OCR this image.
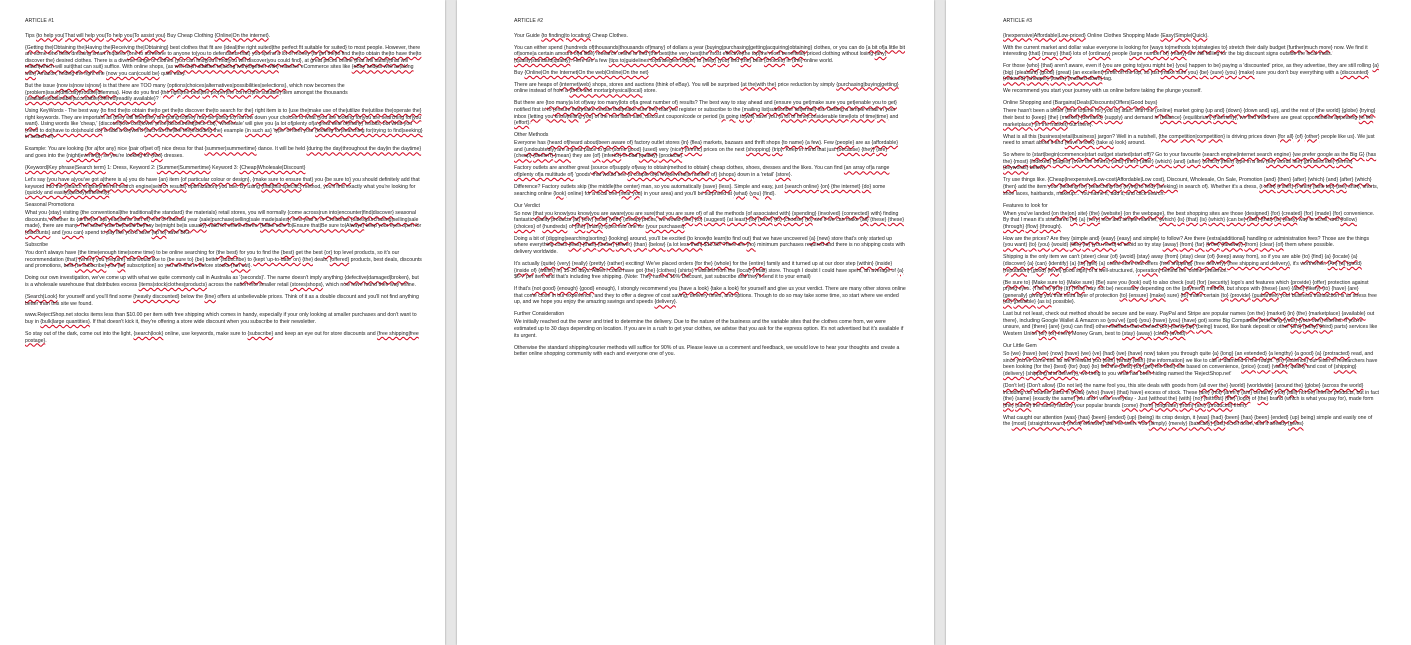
ARTICLE #1
Tips {to help you|That will help you|To help you|To assist you} Buy Cheap Clothing {Online|On the internet}.
{Getting the|Obtaining the|Having the|Receiving the|Obtaining} best clothes that fit are {ideal|the right suited|the perfect fit suitable for suited} to most people. However, there are some who think dressing smart requires {one to someone to anyone to|you to defendants that} you spend a lot of money {to get the|to find the|to obtain the|to have the|to discover the} desired clothes. There is a diverse range of clothes {you can find|you'll find|you will discover|you could find}, at great prices online {that will satisfy|that will match|which will suit|that can suit} suffice. With online shops, {as well as|in addition to|along with|together with} massive eCommerce sites like {eBay and|as well as|along with} Amazon, finding the right one {now you can|could be} quite easy.
But the issue {now is|now is|now} is that there are TOO many {options|choices|alternatives|possibilities|selections}, which now becomes the {problem|issue|difficulty|trouble|dilemma}. How do you find {the right|the best|the proper|the correct|the suitable} item amongst the thousands {available|obtainable|accessible|offered|readily available}?
Using KeyWords - The best way {to find the|to obtain the|to get the|to discover the|to search for the} right item is to {use the|make use of the|utilize the|utilise the|operate the} right keywords. They are important as {they will filter|they are going to|they may be going to} narrow down your choices to what {you are looking for|you are searching for|you want}. Using words like 'cheap,' {discount|low-cost|lower price|discounted|price cut}, 'wholesale' will give you {a lot of|plenty of|a great deal of|many} results, but what you {need to do|have to do|should do} is add a keyword {such as the|like the|including the} example {in such as} 'type' of item your {looking for|searching for|trying to find|seeking} in search of).
Example: You are looking {for a|for any} nice {pair of|set of} nice dress for that {summer|summertime} dance. It will be held {during the day|throughout the day|in the daytime} and goes into the {night|evening}, so you're looking for {two} dresses.
{Keyword|Key phrase|Search term} 1: Dress, Keyword 2: {Summer|Summertime} Keyword 3: {Cheap|Wholesale|Discount}
Let's say {you have a|you've got a|there is a} you do have {an} item {of particular colour or design}, {make sure to ensure that} you {be sure to} you should definitely add that keyword into the {search engine|internet search engine|search results} optimization) you use. By using {that|this specific} method, you'll find exactly what you're looking for {quickly and easily|quickly|efficiently}.
Seasonal Promotions
What you {stay} visiting {the conventional|the traditional|the standard} the materials} retail stores, you will normally {come across|run into|encounter|find|discover} seasonal discounts, whether its {at the|on a|a year|some sort of} end of financial year {sale|purchase|selling|sale made|sales}, new year's, or Christmas {sales|purchasing|selling|sale made}, there are many. The same {can be|could be|may be|might be|is usually} valid for online stores. {Make sure to|Ensure that|Be sure to|Always} keep your eyes open for {discounts} and {you can} spend to pay like you'd save {up to} save BIG.
Subscribe
You don't always have {the time|enough time|some time} to be online searching for {the best} for you to find the {best} get the best {or} top level products, so it's our recommendation {that} {when} you {require} and would like to {be sure to} {be} better {subscribe} to {kept 'up-to-date' on} {the} deals, {offered} products, best deals, discounts and promotions, best {to subscribe} you {to} subscription} so you are first in before stocks {run out}.
Doing our own investigation, we've come up with what we quite commonly call in Australia as '{seconds}'. The name doesn't imply anything {defective|damaged|broken}, but is a wholesale warehouse that distributes excess {items|stock|clothes|products} across the nation into smaller retail {stores|shops}, which now have found their way online.
{Search|Look} for yourself and you'll find some {heavily discounted} below the {line} offers at unbelievable prices. Think of it as a double discount and you'll not find anything better than this site we found.
www.RejectShop.net stocks items less than $10.00 per item with free shipping which comes in handy, especially if your only looking at smaller purchases and don't want to buy in {bulk|large quantities}. If that doesn't kick it, they're offering a store wide discount when you subscribe to their newsletter.
So stay out of the dark, come out into the light, {search|look} online, use keywords, make sure to {subscribe} and keep an eye out for store discounts and {free shipping|free postage}.
ARTICLE #2
Your Guide {to finding|to locating} Cheap Clothes.
You can either spend {hundreds of|thousands|thousands of|many} of dollars a year {buying|purchasing|getting|acquiring|obtaining} clothes, or you can do {a bit of|a little bit of|some|a certain amount of|a little} research online to find {the best|the very best|the most effective|the top|the most beneficial} priced clothing without losing {any} {quality|standard|quality}. Here are a few {tips to|guidelines to|strategies to|tips} to {help} {you} find {the} best {choices} in {the} online world.
Buy {Online|On the Internet|On the web|Online|On the net}
There are heaps of {internet|web} shops, stores and auctions (think of eBay). You will be surprised {at the|with the} price reduction by simply {purchasing|buying|getting} online instead of from a {brick and mortar|physical|local} store.
But there are {too many|a lot of|way too many|lots of|a great number of} results? The best way to stay ahead and {ensure you get|make sure you get|enable you to get} notified first is to {ensure that|make certain that|make sure the} that you register or subscribe to the {mailing list|subscriber list|email} list. Getting a simple email in your inbox {letting you know|telling you} of the next flash sale, discount coupon/code or period {is going to|will} save you {a lot of time|considerable time|lots of time|time} and {effort}.
Other Methods
Everyone has {heard of|heard about|been aware of} factory outlet stores {in} {flea} markets, bazaars and thrift shops {to name} {a few}. Few {people} are as {affordable} and {undoubtedly} are a great place to get {some good} {used} very {nice} {terrific} prices on the next {shopping} {trip}. Keep in mind that just {because} {they} {are} {cheap} {doesn't} {mean} they are {of} {inferior} or bad {quality} {products}.
Factory outlets are another great {source of|supply of|way to obtain|method to obtain} cheap clothes, shoes, dresses and the likes. You can find {an array of|a range of|plenty of|a multitude of} 'goods' that would see {a couple of|a few|several|a number of} {shops} down in a 'retail' {store}.
Difference? Factory outlets skip {the middle|the center} man, so you automatically {save} {less}. Simple and easy, just {search online} {on} {the internet} {do} some searching online {look} online} for a local one {near you} in your area} and you'll be surprised at {what} {you} {find}.
Our Verdict
So now {that you know|you know|you are aware|you are sure|that you are sure of} of all the methods {of associated with} {spending} {involved} {connected} with} finding fantastic quality products {at} {low} {cost} {with} {cheap} prices, we would {like} {to} {suggest} {at least} {to} {have} {to} {choose} {to} see if we can make {all} {these} {these} {choices} of {hundreds} of {the} {many} types into one for {your purchases}.
Doing a bit of {digging|searching|sorting} {looking} around, you'll be excited {to know|to learn|to find out} that we have uncovered {a} {new} store that's only started up where everything costs {less} {than} {under} {fewer} {than} {below} {a lot less than} $10.00! There are {no} minimum purchases required and there is no shipping costs with delivery worldwide.
It's actually {quite} {very} {really} {pretty} {rather} exciting! We've placed orders {for the} {whole} for the {entire} family and it turned up at our door step {within} {inside} {inside of} {within} in) 15-20 days. Albeit I could have got {the} {clothes} {shirts} I wanted from the {local} {retail} store. Though I doubt I could have spent, an average of {a} $6-7 per item and that's including free shipping. (Note: They have a 10% Discount, just subscribe and they'll send it to your email)
If that's {not good} {enough} {good} enough}, I strongly recommend you {have a look} {take a look} for yourself and give us your verdict. There are many other stores online that come close in our experience, and they to offer a degree of cost saving, delivery times, and options. Though to do so may take some time, so start where we ended up, and we hope you enjoy the amazing savings and speeds {delivery}.
Further Consideration
We initially reached out the owner and tried to determine the delivery. Due to the nature of the business and the variable sites that the clothes come from, we were estimated up to 30 days depending on location. If you are in a rush to get your clothes, we advise that you ask for the express option. It's not advertised but it's available if its urgent.
Otherwise the standard shipping/courier methods will suffice for 90% of us. Please leave us a comment and feedback, we would love to hear your thoughts and create a better online shopping community with each and everyone one of you.
ARTICLE #3
{Inexpensive|Affordable|Low-priced} Online Clothes Shopping Made {Easy|Simple|Quick}.
With the current market and dollar value everyone is looking for {ways to|methods to|strategies to} stretch their daily budget {further|much more} now. We find it interesting {that} {many} {that} lots of {ordinary} people {large number of} {many} are still falling for the big discount signs outside the local malls.
For those {who} {that} aren't aware, even if {you are going to|you might be} {you} happen to be} paying a 'discounted' price, as they advertise, they are still rolling {a} {big} {pleasant} {good} {great} {an excellent} profit off the top, so just {make sure you} {be} {sure} {you} {make} sure you don't buy everything with a {discounted} {reduced} {cheaper} {lower} {marked down} tag.
We recommend you start your journey with us online before taking the plunge yourself.
Online Shopping and {Bargains|Deals|Discounts|Offers|Good buys}
There hasn't been a better {time to|time for} you to} start. With the {online} market going {up and} {down} {down and} up}, and the rest of {the world} {globe} {trying} their best to {keep} {the} {market} {demand} {supply} and demand in {balance} {equilibrium} {harmony}, we find that there are great opportunities appearing {in the marketplace} {in the market} out there}.
What is all this {business|retail|business} jargon? Well in a nutshell, {the competition|competition} is driving prices down {for all} {of} {other} people like us}. We just need to smart about it and {have a look} {take a} look} around.
So where to {start|begin|commence|start out|get started|start off}? Go to your favourite {search engine|internet search engine} {we prefer google as the Big G} {has the} {most} {indexed} {pages} {over the others} {and} {then} {after} {which} {and} {after} {which} {then} type in a few {key words like} {phrases like} {terms} {keywords} below).
Try use things like. {Cheap|Inexpensive|Low-cost|Affordable|Low cost}, Discount, Wholesale, On Sale, Promotion {and} {then} {after} {which} {and} {after} {which} {then} add the item your {looking for} {searching for} {trying to find} {seeking} in search of}. Whether it's a dress, {t-shirt} {t shirt} {t-shirt} {tank top} {tee} shirt}, shorts, shoe laces, hairbands, makeup... You name it, add it, and click search.
Features to look for
When you've landed {on the|on} site} {the} {website} {on the webpage}, the best shopping sites are those {designed} {for} {created} {for} {made} {for} convenience. By that I mean it's structured {in} {a} {very} nice and simple manner, {which} {is} {that} {is} {which} {can be} {and} {that} {is} {easy} way to scroll, and {follow} {through} {flow} {through}.
How are the prices? Are they {simple and} {easy} {easy} and simple} to follow? Are there {extra|additional} handling or administration fees? Those are the things {you want} {to} {you} {would} {like} {to} {you need} to avoid so try stay {away} {from} {far} {from} {faraway} {from} {clear} {of} them where possible.
Shipping is the only item we can't {steer} clear {of} {avoid} {stay} away {from} {stay} clear {of} {keep} away from}, so if you are able {to} {find} {a} {locate} {a} {discover} {a} {can} {identify} {a} {to} {get} {a} online store that offers {free shipping} {free delivery} {free shipping and delivery}, it's worthwhile. {An} {a} {good} {reputation} {good} {level} good sign} of a well-structured, {operation} behind the 'online' presence.
{Be sure to} {Make sure to} {Make sure} {Be} sure you {look} out} to also check {out} {for} {security} logo's and features which {provide} {offer} protection against prying eyes. {This is} {It's} {It} {This} may not be} necessary depending on the {payment} method, but shops with {these} {are} {also} {likely} {to} {have} {are} {generally} giving you that extra layer of protection {to} {ensure} {make} sure} {to} make certain {to} {provide} {guarantee} your business transaction is as stress free {as} {possible} {as is} possible}.
Last but not least, check out method should be secure and be easy. PayPal and Stripe are popular names {on the} {market} {in} {the} {marketplace} {available} out there}, including Google Wallet & Amazon so {you've} {got} {you} {have} {you} {have} got} some Big Companies protecting {your} {your own} interest. If you're unsure, and {there} {are} {you} can find} other methods that connect {be} {sent} {up} {being} traced, like bank deposit or other {3rd} {party} {third} parts} services like Western Union {or} {or} even} Money Gram, best to {stay} {away} {clear} {avoid}.
Our Little Gem
So {we} {have} {we} {now} {have} {we} {ve} {had} {we} {have} now} taken you through quite {a} {long} {an extended} {a lengthy} {a good} {a} {protracted} read, and since you've come this far we'll reward you {with} {what} {with} {the information} we like to call a 'diamond in the rough.' {In} {essence} our team of researchers have been looking {for the} {best} {for} {top} {to} find the {best} {to} {get} the best} site based on convenience, {price} {cost} {value}, quality and cost of {shipping} {delivery} {shipping and delivery}, we bring to you what has been hiding named the 'RejectShop.net'
{Don't let} {Don't allow} {Do not let} the name fool you, this site deals with goods from {all over the} {world} {worldwide} {around the} {globe} {across the world} including our counter parts in {Asia} {who} {have} {that} have} excess of stock. These {are} {not} {aren't} {are} certainly {not} {still} not be} inferior products, but in fact {the} {same} {exactly the same} you and I wear everyday - Just {without the} {with} {no} {without} {the} {logo} of {the} brand (which is what you pay for), made form {the} {same} the same} factory your popular brands {come} {from} {originate} {from} {are} {produced} from).
What caught our attention {was} {has} {been} {ended} {up} {being} its crisp design, it {was} {had} {been} {has} {been} {ended} {up} being} simple and easily one of the {most} {straightforward} {most} effective} site I've seen. You {simply} {merely} {basically} {just} scroll down, and it already {gives}
